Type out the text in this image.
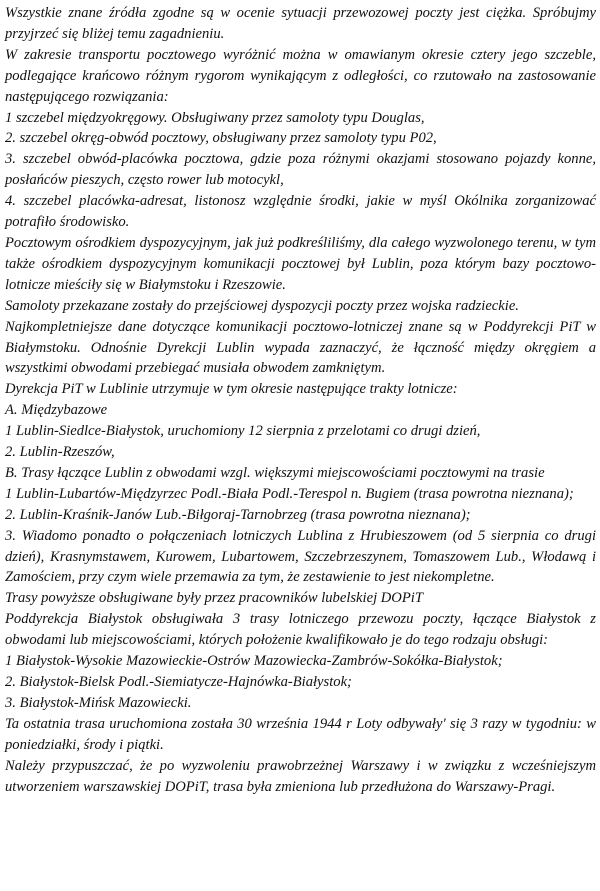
Wszystkie znane źródła zgodne są w ocenie sytuacji przewozowej poczty jest ciężka. Spróbujmy przyjrzeć się bliżej temu zagadnieniu.

W zakresie transportu pocztowego wyróżnić można w omawianym okresie cztery jego szczeble, podlegające krańcowo różnym rygorom wynikającym z odległości, co rzutowało na zastosowanie następującego rozwiązania:

1 szczebel międzyokręgowy. Obsługiwany przez samoloty typu Douglas,

2. szczebel okręg-obwód pocztowy, obsługiwany przez samoloty typu P02,

3. szczebel obwód-placówka pocztowa, gdzie poza różnymi okazjami stosowano pojazdy konne, posłańców pieszych, często rower lub motocykl,

4. szczebel placówka-adresat, listonosz względnie środki, jakie w myśl Okólnika zorganizować potrafiło środowisko.

Pocztowym ośrodkiem dyspozycyjnym, jak już podkreśliliśmy, dla całego wyzwolonego terenu, w tym także ośrodkiem dyspozycyjnym komunikacji pocztowej był Lublin, poza którym bazy pocztowo-lotnicze mieściły się w Białymstoku i Rzeszowie.

Samoloty przekazane zostały do przejściowej dyspozycji poczty przez wojska radzieckie.

Najkompletniejsze dane dotyczące komunikacji pocztowo-lotniczej znane są w Poddyrekcji PiT w Białymstoku. Odnośnie Dyrekcji Lublin wypada zaznaczyć, że łączność między okręgiem a wszystkimi obwodami przebiegać musiała obwodem zamkniętym.

Dyrekcja PiT w Lublinie utrzymuje w tym okresie następujące trakty lotnicze:

A. Międzybazowe

1 Lublin-Siedlce-Białystok, uruchomiony 12 sierpnia z przelotami co drugi dzień,

2. Lublin-Rzeszów,

B. Trasy łączące Lublin z obwodami wzgl. większymi miejscowościami pocztowymi na trasie

1 Lublin-Lubartów-Międzyrzec Podl.-Biała Podl.-Terespol n. Bugiem (trasa powrotna nieznana);

2. Lublin-Kraśnik-Janów Lub.-Biłgoraj-Tarnobrzeg (trasa powrotna nieznana);

3. Wiadomo ponadto o połączeniach lotniczych Lublina z Hrubieszowem (od 5 sierpnia co drugi dzień), Krasnymstawem, Kurowem, Lubartowem, Szczebrzeszynem, Tomaszowem Lub., Włodawą i Zamościem, przy czym wiele przemawia za tym, że zestawienie to jest niekompletne.

Trasy powyższe obsługiwane były przez pracowników lubelskiej DOPiT

Poddyrekcja Białystok obsługiwała 3 trasy lotniczego przewozu poczty, łączące Białystok z obwodami lub miejscowościami, których położenie kwalifikowało je do tego rodzaju obsługi:

1 Białystok-Wysokie Mazowieckie-Ostrów Mazowiecka-Zambrów-Sokółka-Białystok;

2. Białystok-Bielsk Podl.-Siemiatycze-Hajnówka-Białystok;

3. Białystok-Mińsk Mazowiecki.

Ta ostatnia trasa uruchomiona została 30 września 1944 r Loty odbywały' się 3 razy w tygodniu: w poniedziałki, środy i piątki.

Należy przypuszczać, że po wyzwoleniu prawobrzeżnej Warszawy i w związku z wcześniejszym utworzeniem warszawskiej DOPiT, trasa była zmieniona lub przedłużona do Warszawy-Pragi.
